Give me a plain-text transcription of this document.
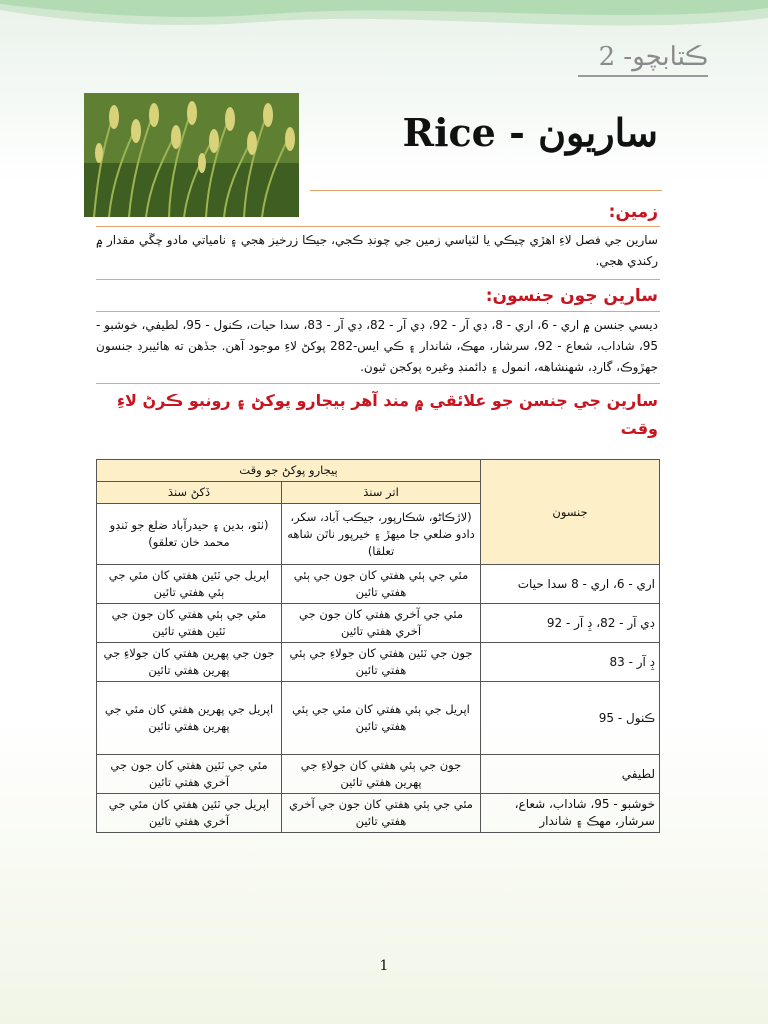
ڪتابچو- 2
ساريون - Rice
زمين:
سارين جي فصل لاءِ اهڙي چيڪي يا لٽياسي زمين جي چونڊ ڪجي، جيڪا زرخيز هجي ۽ نامياتي مادو چڱي مقدار ۾ رکندي هجي.
سارين جون جنسون:
ديسي جنسن ۾ اري - 6، اري - 8، ڊي آر - 92، ڊي آر - 82، ڊي آر - 83، سدا حيات، ڪنول - 95، لطيفي، خوشبو - 95، شاداب، شعاع - 92، سرشار، مهڪ، شاندار ۽ ڪي ايس-282 پوکڻ لاءِ موجود آهن. جڏهن ته هائيبرڊ جنسون جهڙوڪ، گارڊ، شهنشاهه، انمول ۽ ڊائمنڊ وغيره پوکجن ٿيون.
سارين جي جنسن جو علائقي ۾ مند آهر ٻيجارو پوکڻ ۽ رونبو ڪرڻ لاءِ وقت
جنسون	ٻيجارو پوکڻ جو وقت	
	اتر سنڌ	ڏکڻ سنڌ
	(لاڙڪاڻو، شڪارپور، جيڪب آباد، سکر، دادو ضلعي جا ميهڙ ۽ خيرپور ناٿن شاهه تعلقا)	(ٺٽو، بدين ۽ حيدرآباد ضلع جو ٽنڊو محمد خان تعلقو)
اري - 6، اري - 8 سدا حيات	مئي جي ٻئي هفتي کان جون جي ٻئي هفتي تائين	اپريل جي ٽئين هفتي کان مئي جي ٻئي هفتي تائين
ڊي آر - 82، ڊِ آر - 92	مئي جي آخري هفتي کان جون جي آخري هفتي تائين	مئي جي ٻئي هفتي کان جون جي ٽئين هفتي تائين
ڊِ آر - 83	جون جي ٽئين هفتي کان جولاءِ جي ٻئي هفتي تائين	جون جي پهرين هفتي کان جولاءِ جي پهرين هفتي تائين
ڪنول - 95	اپريل جي ٻئي هفتي کان مئي جي ٻئي هفتي تائين	اپريل جي پهرين هفتي کان مئي جي پهرين هفتي تائين
لطيفي	جون جي ٻئي هفتي کان جولاءِ جي پهرين هفتي تائين	مئي جي ٽئين هفتي کان جون جي آخري هفتي تائين
خوشبو - 95، شاداب، شعاع، سرشار، مهڪ ۽ شاندار	مئي جي ٻئي هفتي کان جون جي آخري هفتي تائين	اپريل جي ٽئين هفتي کان مئي جي آخري هفتي تائين
1
